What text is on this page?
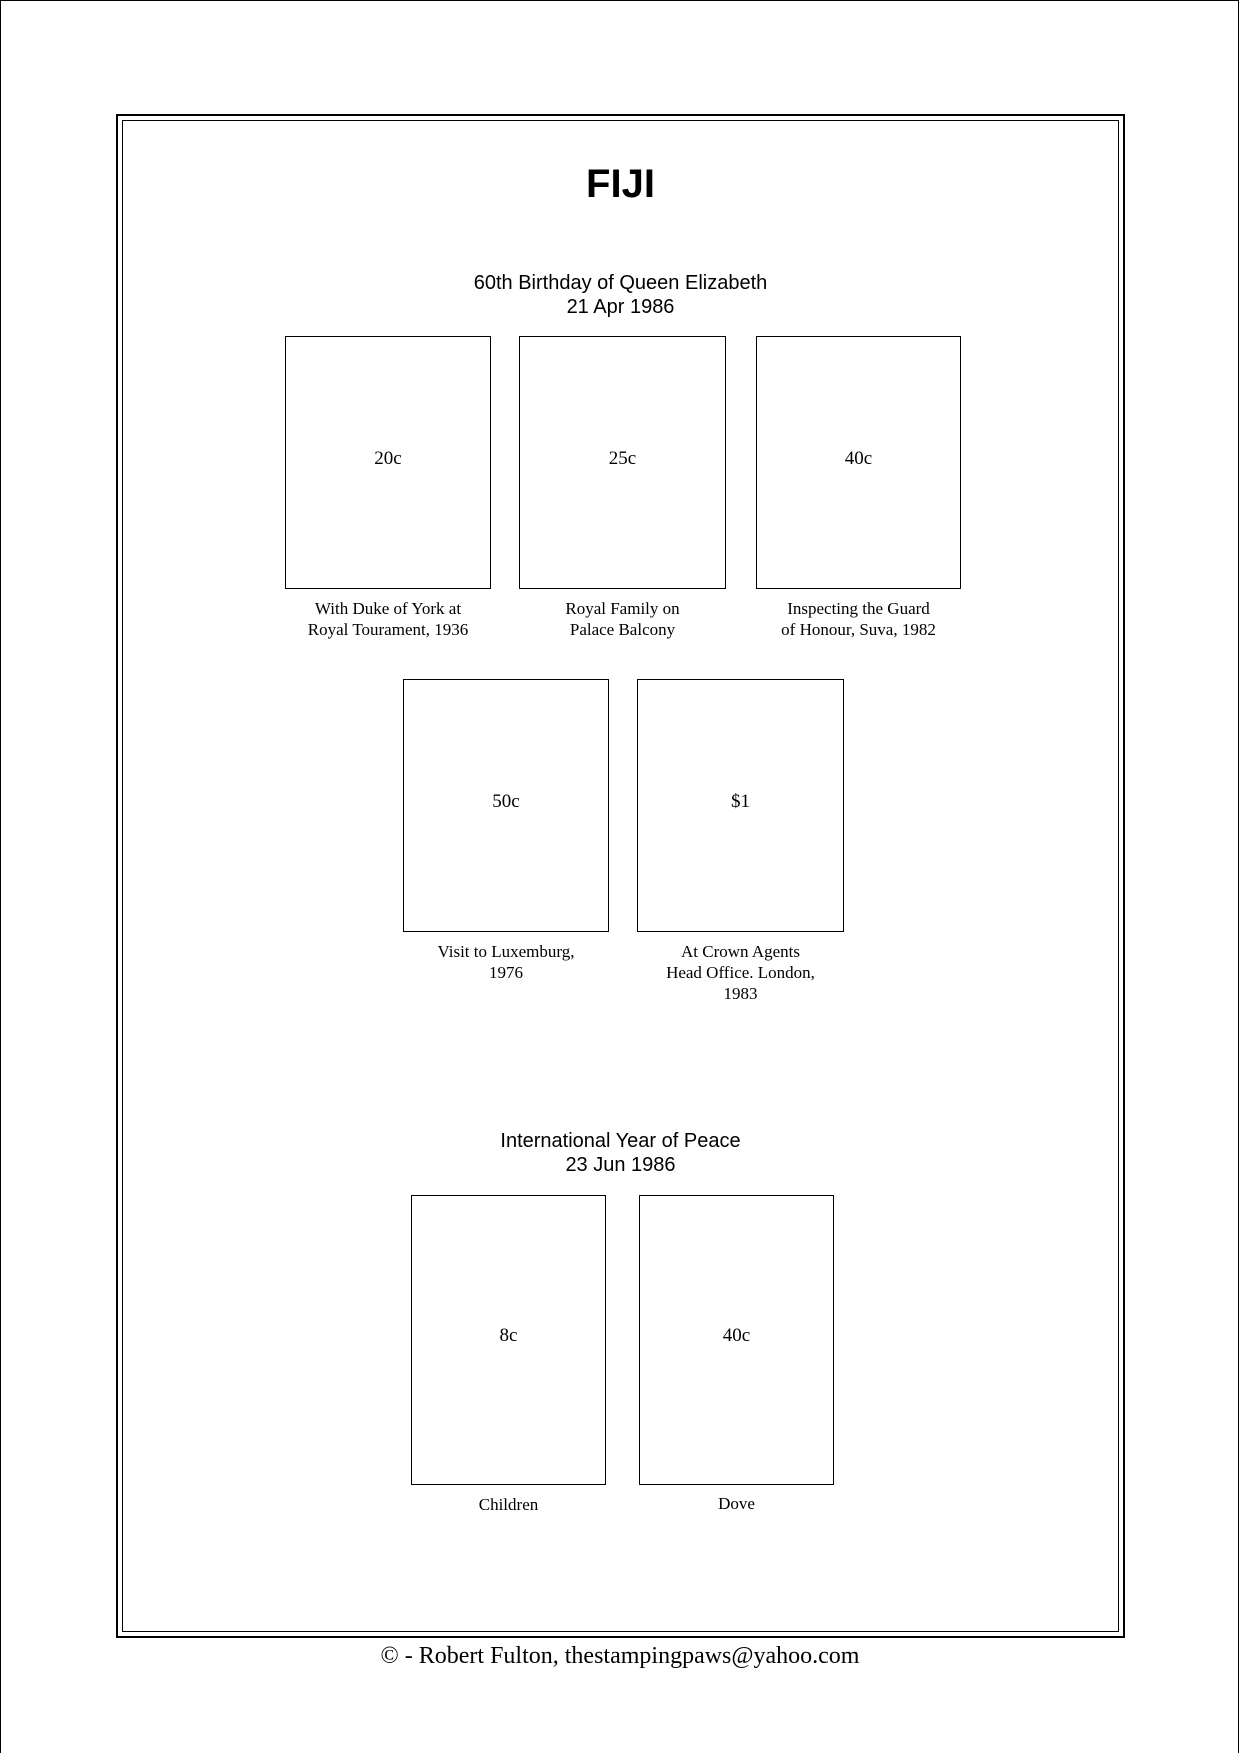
FIJI
60th Birthday of Queen Elizabeth
21 Apr 1986
20c
With Duke of York at
Royal Tourament, 1936
25c
Royal Family on
Palace Balcony
40c
Inspecting the Guard
of Honour, Suva, 1982
50c
Visit to Luxemburg,
1976
$1
At Crown Agents
Head Office. London,
1983
International Year of Peace
23 Jun 1986
8c
Children
40c
Dove
© - Robert Fulton, thestampingpaws@yahoo.com
